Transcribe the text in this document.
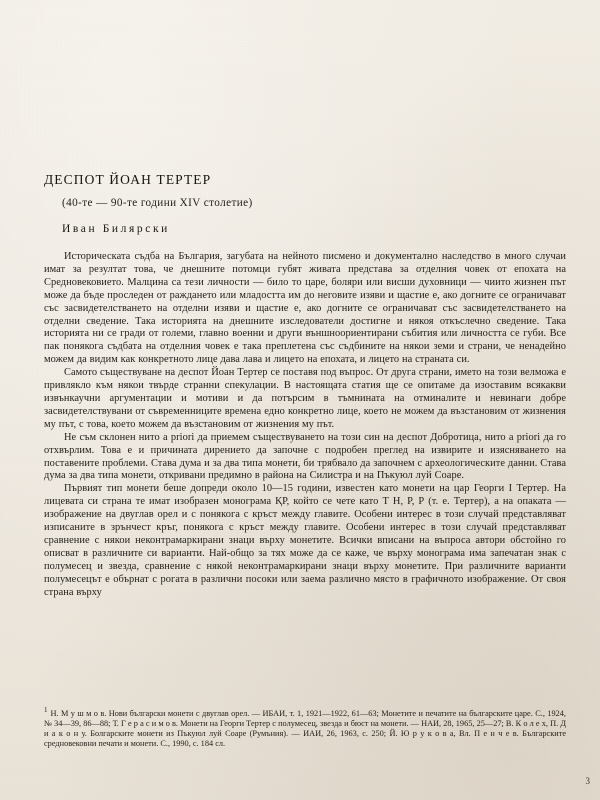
ДЕСПОТ ЙОАН ТЕРТЕР
(40-те — 90-те години XIV столетие)
Иван Билярски

Историческата съдба на България, загубата на нейното писмено и документално наследство в много случаи имат за резултат това, че днешните потомци губят живата представа за отделния човек от епохата на Средновековието. Малцина са тези личности — било то царе, боляри или висши духовници — чиито жизнен път може да бъде проследен от раждането или младостта им до неговите изяви и щастие е, ако догните се ограничават със засвидетелстването на отделни изяви и щастие е, ако догните се ограничават със засвидетелстването на отделни сведение. Така историята на днешните изследователи достигне и някоя откъслечно сведение. Така историята ни се гради от големи, главно военни и други външноориентирани събития или личността се губи. Все пак понякога съдбата на отделния човек е така преплетена със съдбините на някои земи и страни, че ненадейно можем да видим как конкретното лице дава лава и лицето на епохата, и лицето на страната си.

Самото съществуване на деспот Йоан Тертер се поставя под въпрос. От друга страни, името на този велможа е привлякло към някои твърде странни спекулации. В настоящата статия ще се опитаме да изоставим всякакви извънкаучни аргументации и мотиви и да потърсим в тъмнината на отминалите и невинаги добре засвидетелствувани от съвременниците времена едно конкретно лице, което не можем да възстановим от жизнения му път, с това, което можем да възстановим от жизнения му път.

Не съм склонен нито a priori да приемем съществуването на този син на деспот Добротица, нито a priori да го отхвърлим. Това е и причината дирението да започне с подробен преглед на извирите и изясняването на поставените проблеми. Става дума и за два типа монети, би трябвало да започнем с археологическите данни. Става дума за два типа монети, откривани предимно в района на Силистра и на Пъкуюл луй Соаре.

Първият тип монети беше допреди около 10—15 години, известен като монети на цар Георги I Тертер. На лицевата си страна те имат изобразен монограма ҚР, който се чете като Т Н, Р, Р (т. е. Тертер), а на опаката — изображение на двуглав орел и с понякога с кръст между главите. Особени интерес в този случай представляват изписаните в зрънчест кръг, понякога с кръст между главите. Особени интерес в този случай представляват сравнение с някои неконтрамаркирани знаци върху монетите. Всички вписани на въпроса автори обстойно го описват в различните си варианти. Най-общо за тях може да се каже, че върху монограма има запечатан знак с полумесец и звезда, сравнение с някой неконтрамаркирани знаци върху монетите. При различните варианти полумесецът е обърнат с рогата в различни посоки или заема различно място в графичното изображение. От своя страна върху

$^1$ Н. М у ш м о в. Нови български монети с двуглав орел. — ИБАИ, т. 1, 1921—1922, 61—63; Монетите и печатите на българските царе. С., 1924, № 34—39, 86—88; Т. Г е р а с и м о в. Монети на Георги Тертер с полумесец, звезда и бюст на монети. — НАИ, 28, 1965, 25—27; В. К о л е х, П. Д и а к о н у. Болгарските монети из Пъкуюл луй Соаре (Румъния). — ИАИ, 26, 1963, с. 250; Й. Ю р у к о в а, Вл. П е н ч е в. Българските средновековни печати и монети. С., 1990, с. 184 сл.
3
